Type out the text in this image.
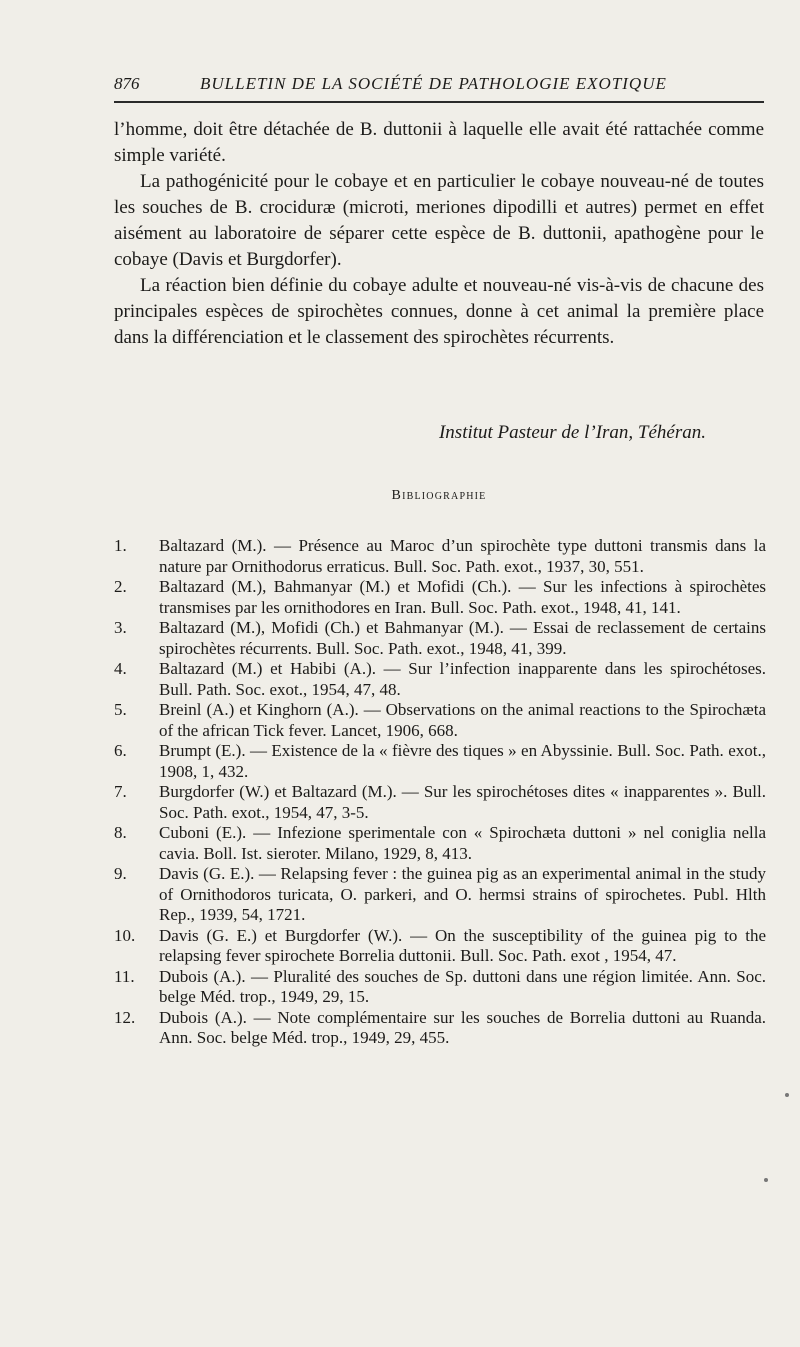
876	BULLETIN DE LA SOCIÉTÉ DE PATHOLOGIE EXOTIQUE

l’homme, doit être détachée de B. duttonii à laquelle elle avait été rattachée comme simple variété.

La pathogénicité pour le cobaye et en particulier le cobaye nouveau-né de toutes les souches de B. crociduræ (microti, meriones dipodilli et autres) permet en effet aisément au laboratoire de séparer cette espèce de B. duttonii, apathogène pour le cobaye (Davis et Burgdorfer).

La réaction bien définie du cobaye adulte et nouveau-né vis-à-vis de chacune des principales espèces de spirochètes connues, donne à cet animal la première place dans la différenciation et le classement des spirochètes récurrents.

Institut Pasteur de l’Iran, Téhéran.
Bibliographie
1.	Baltazard (M.). — Présence au Maroc d’un spirochète type duttoni transmis dans la nature par Ornithodorus erraticus. Bull. Soc. Path. exot., 1937, 30, 551.
2.	Baltazard (M.), Bahmanyar (M.) et Mofidi (Ch.). — Sur les infections à spirochètes transmises par les ornithodores en Iran. Bull. Soc. Path. exot., 1948, 41, 141.
3.	Baltazard (M.), Mofidi (Ch.) et Bahmanyar (M.). — Essai de reclassement de certains spirochètes récurrents. Bull. Soc. Path. exot., 1948, 41, 399.
4.	Baltazard (M.) et Habibi (A.). — Sur l’infection inapparente dans les spirochétoses. Bull. Path. Soc. exot., 1954, 47, 48.
5.	Breinl (A.) et Kinghorn (A.). — Observations on the animal reactions to the Spirochæta of the african Tick fever. Lancet, 1906, 668.
6.	Brumpt (E.). — Existence de la « fièvre des tiques » en Abyssinie. Bull. Soc. Path. exot., 1908, 1, 432.
7.	Burgdorfer (W.) et Baltazard (M.). — Sur les spirochétoses dites « inapparentes ». Bull. Soc. Path. exot., 1954, 47, 3-5.
8.	Cuboni (E.). — Infezione sperimentale con « Spirochæta duttoni » nel coniglia nella cavia. Boll. Ist. sieroter. Milano, 1929, 8, 413.
9.	Davis (G. E.). — Relapsing fever : the guinea pig as an experimental animal in the study of Ornithodoros turicata, O. parkeri, and O. hermsi strains of spirochetes. Publ. Hlth Rep., 1939, 54, 1721.
10.	Davis (G. E.) et Burgdorfer (W.). — On the susceptibility of the guinea pig to the relapsing fever spirochete Borrelia duttonii. Bull. Soc. Path. exot , 1954, 47.
11.	Dubois (A.). — Pluralité des souches de Sp. duttoni dans une région limitée. Ann. Soc. belge Méd. trop., 1949, 29, 15.
12.	Dubois (A.). — Note complémentaire sur les souches de Borrelia duttoni au Ruanda. Ann. Soc. belge Méd. trop., 1949, 29, 455.
